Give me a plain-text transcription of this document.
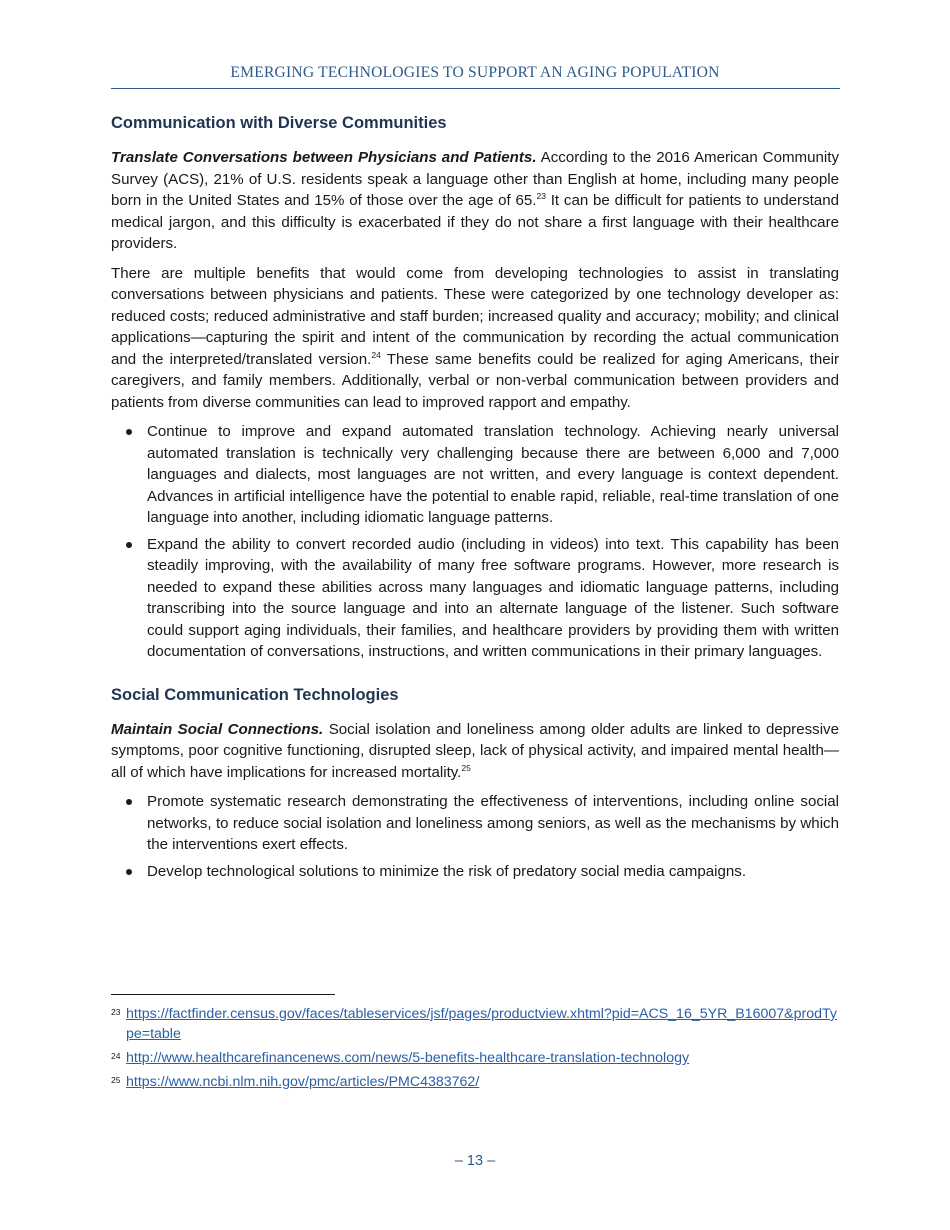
EMERGING TECHNOLOGIES TO SUPPORT AN AGING POPULATION
Communication with Diverse Communities

Translate Conversations between Physicians and Patients. According to the 2016 American Community Survey (ACS), 21% of U.S. residents speak a language other than English at home, including many people born in the United States and 15% of those over the age of 65.23 It can be difficult for patients to understand medical jargon, and this difficulty is exacerbated if they do not share a first language with their healthcare providers.

There are multiple benefits that would come from developing technologies to assist in translating conversations between physicians and patients. These were categorized by one technology developer as: reduced costs; reduced administrative and staff burden; increased quality and accuracy; mobility; and clinical applications—capturing the spirit and intent of the communication by recording the actual communication and the interpreted/translated version.$^{24}$ These same benefits could be realized for aging Americans, their caregivers, and family members. Additionally, verbal or non-verbal communication between providers and patients from diverse communities can lead to improved rapport and empathy.

Continue to improve and expand automated translation technology. Achieving nearly universal automated translation is technically very challenging because there are between 6,000 and 7,000 languages and dialects, most languages are not written, and every language is context dependent. Advances in artificial intelligence have the potential to enable rapid, reliable, real-time translation of one language into another, including idiomatic language patterns.
Expand the ability to convert recorded audio (including in videos) into text. This capability has been steadily improving, with the availability of many free software programs. However, more research is needed to expand these abilities across many languages and idiomatic language patterns, including transcribing into the source language and into an alternate language of the listener. Such software could support aging individuals, their families, and healthcare providers by providing them with written documentation of conversations, instructions, and written communications in their primary languages.
Social Communication Technologies

Maintain Social Connections. Social isolation and loneliness among older adults are linked to depressive symptoms, poor cognitive functioning, disrupted sleep, lack of physical activity, and impaired mental health—all of which have implications for increased mortality.$^{25}$

Promote systematic research demonstrating the effectiveness of interventions, including online social networks, to reduce social isolation and loneliness among seniors, as well as the mechanisms by which the interventions exert effects.
Develop technological solutions to minimize the risk of predatory social media campaigns.
23 https://factfinder.census.gov/faces/tableservices/jsf/pages/productview.xhtml?pid=ACS_16_5YR_B16007&prodType=table
24 http://www.healthcarefinancenews.com/news/5-benefits-healthcare-translation-technology
25 https://www.ncbi.nlm.nih.gov/pmc/articles/PMC4383762/
– 13 –
